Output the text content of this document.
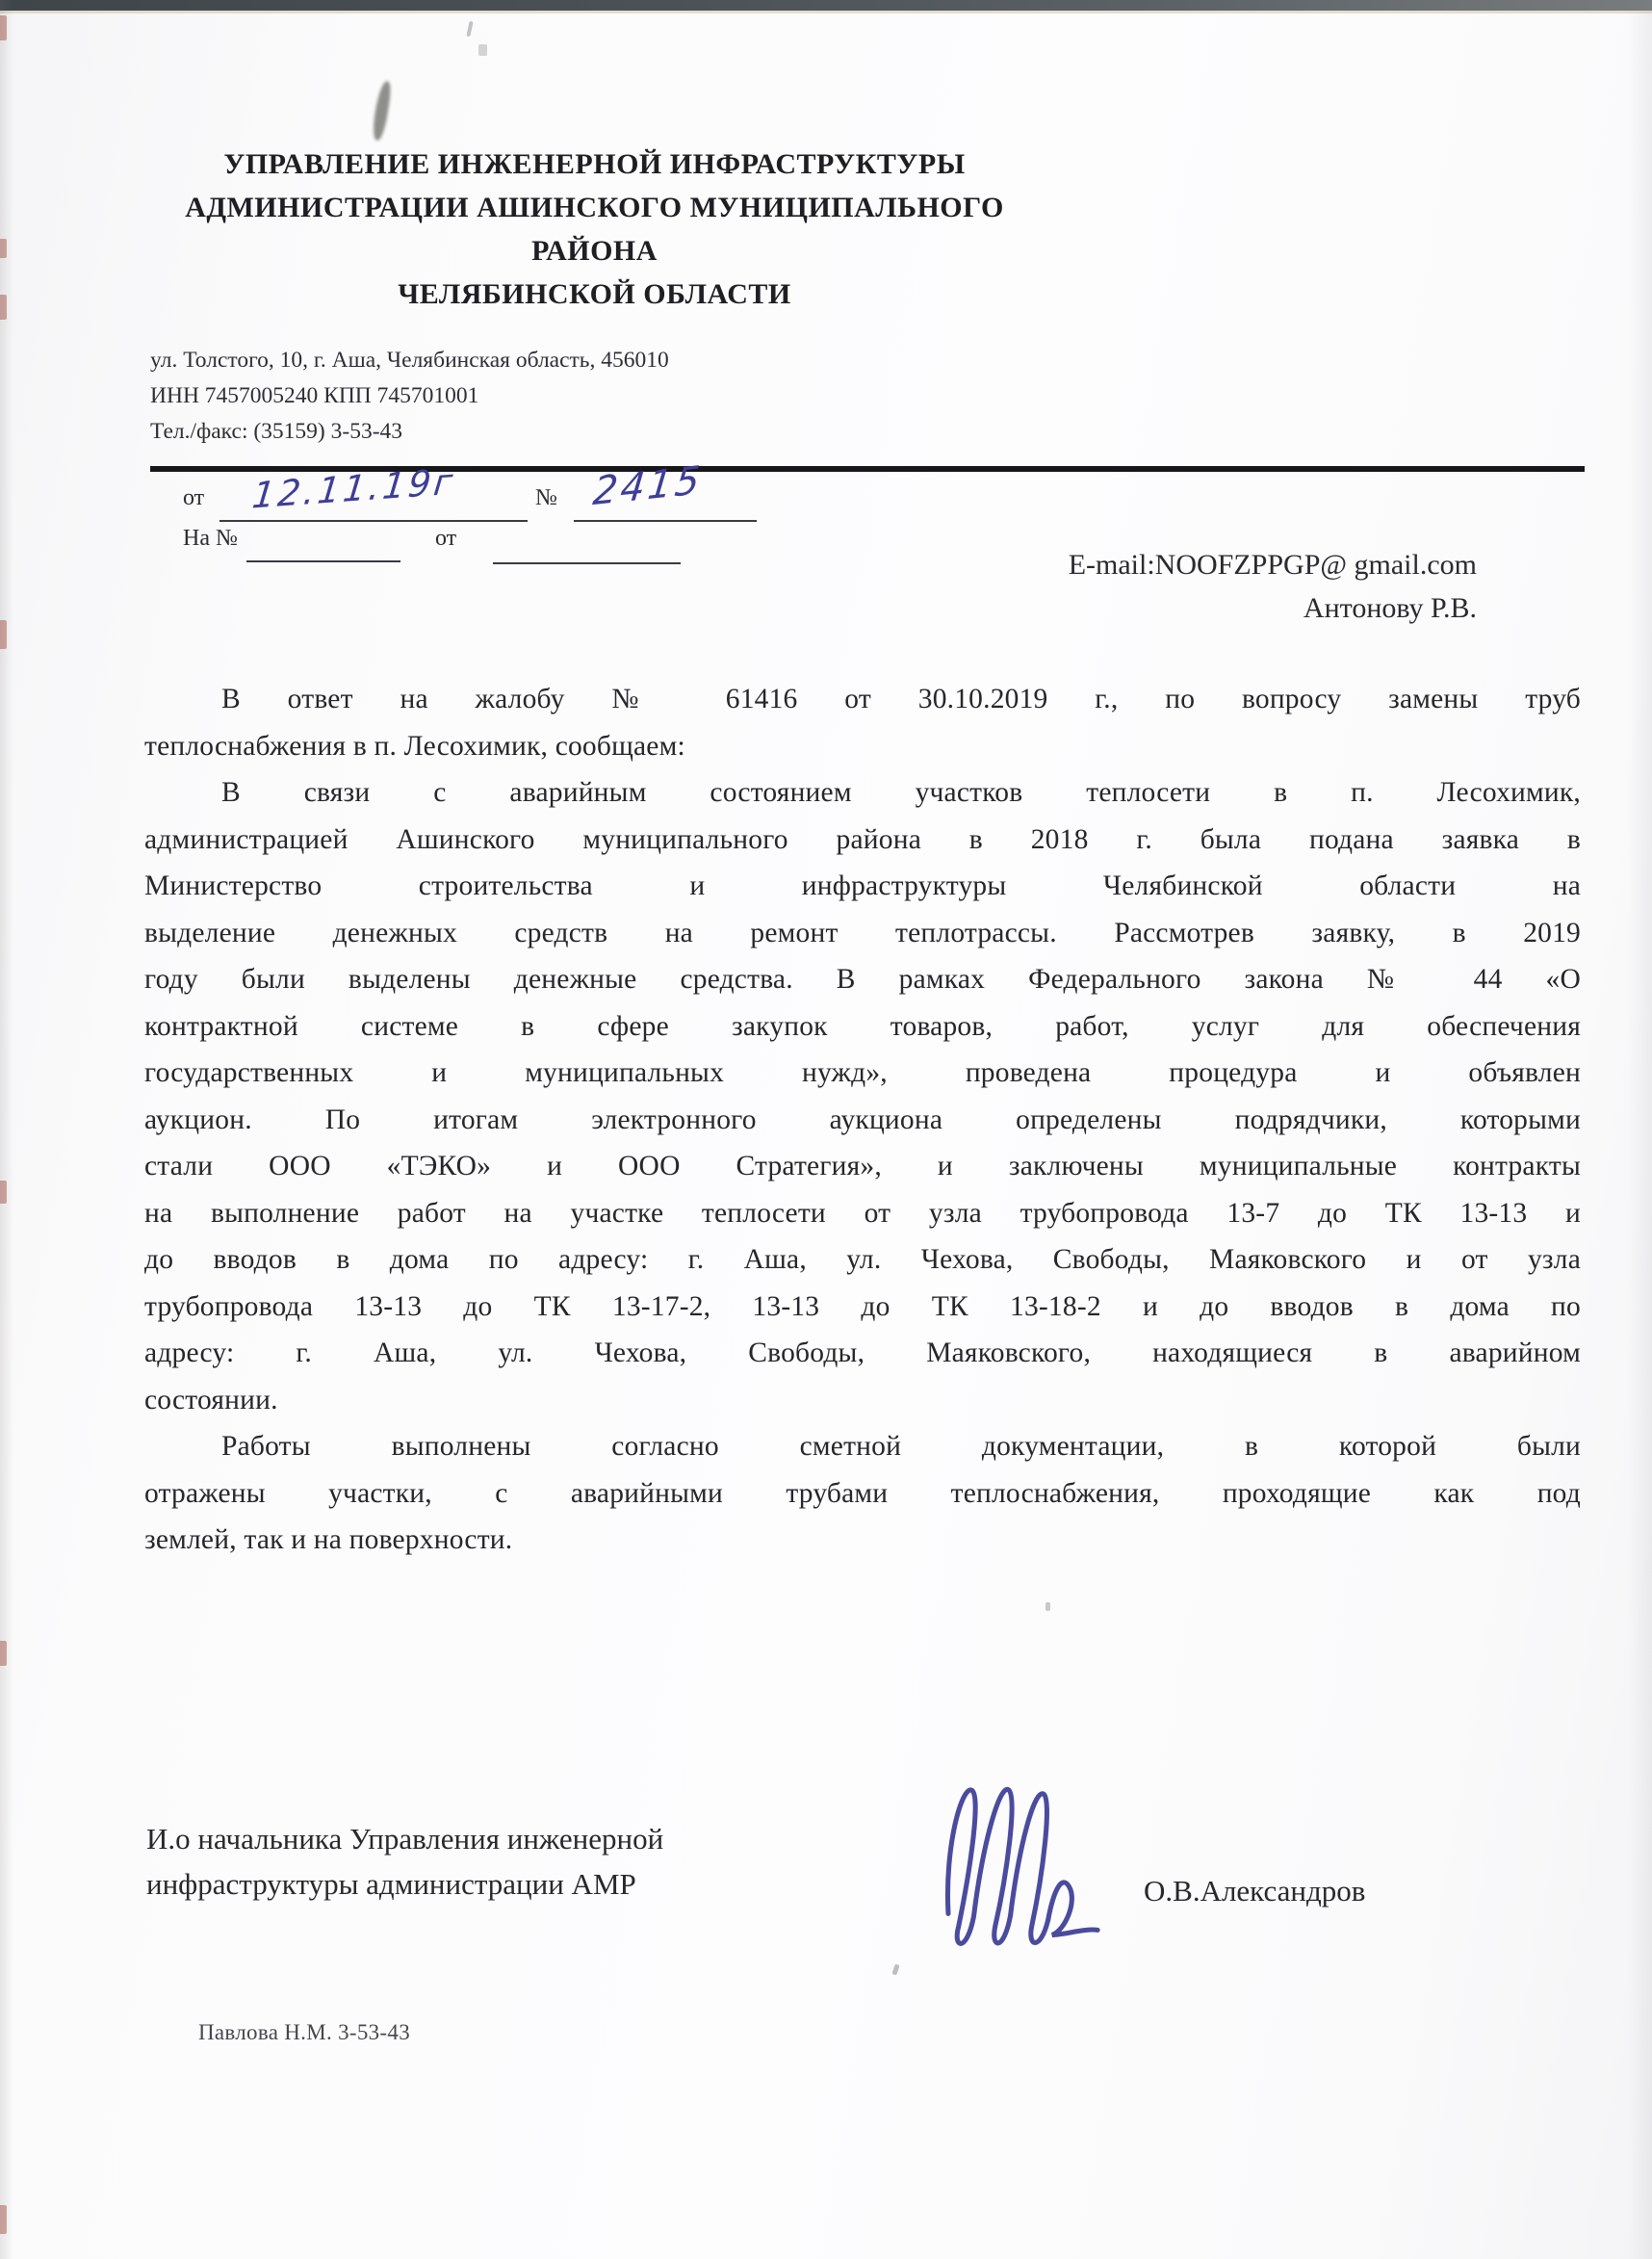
УПРАВЛЕНИЕ ИНЖЕНЕРНОЙ ИНФРАСТРУКТУРЫ
АДМИНИСТРАЦИИ АШИНСКОГО МУНИЦИПАЛЬНОГО РАЙОНА
ЧЕЛЯБИНСКОЙ ОБЛАСТИ
ул. Толстого, 10, г. Аша, Челябинская область, 456010
ИНН 7457005240 КПП 745701001
Тел./факс: (35159) 3-53-43
от 12.11.19г	№ 2415
На №	от
E-mail:NOOFZPPGP@ gmail.com
Антонову Р.В.
В ответ на жалобу № 61416 от 30.10.2019 г., по вопросу замены труб
теплоснабжения в п. Лесохимик, сообщаем:
В связи с аварийным состоянием участков теплосети в п. Лесохимик,
администрацией Ашинского муниципального района в 2018 г. была подана заявка в
Министерство строительства и инфраструктуры Челябинской области на
выделение денежных средств на ремонт теплотрассы. Рассмотрев заявку, в 2019
году были выделены денежные средства. В рамках Федерального закона № 44 «О
контрактной системе в сфере закупок товаров, работ, услуг для обеспечения
государственных и муниципальных нужд», проведена процедура и объявлен
аукцион. По итогам электронного аукциона определены подрядчики, которыми
стали ООО «ТЭКО» и ООО Стратегия», и заключены муниципальные контракты
на выполнение работ на участке теплосети от узла трубопровода 13-7 до ТК 13-13 и
до вводов в дома по адресу: г. Аша, ул. Чехова, Свободы, Маяковского и от узла
трубопровода 13-13 до ТК 13-17-2, 13-13 до ТК 13-18-2 и до вводов в дома по
адресу: г. Аша, ул. Чехова, Свободы, Маяковского, находящиеся в аварийном
состоянии.
Работы выполнены согласно сметной документации, в которой были
отражены участки, с аварийными трубами теплоснабжения, проходящие как под
землей, так и на поверхности.
И.о начальника Управления инженерной
инфраструктуры администрации АМР	О.В.Александров
Павлова Н.М. 3-53-43
